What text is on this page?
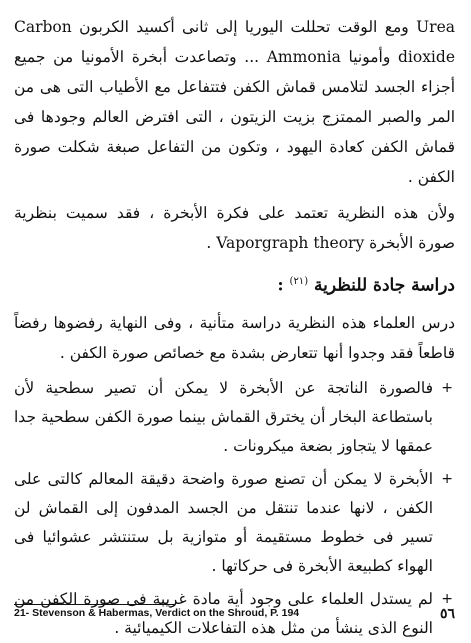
Urea ومع الوقت تحللت اليوريا إلى ثانى أكسيد الكربون Carbon dioxide وأمونيا Ammonia ... وتصاعدت أبخرة الأمونيا من جميع أجزاء الجسد لتلامس قماش الكفن فتتفاعل مع الأطياب التى هى من المر والصبر الممتزج بزيت الزيتون ، التى افترض العالم وجودها فى قماش الكفن كعادة اليهود ، وتكون من التفاعل صبغة شكلت صورة الكفن .

ولأن هذه النظرية تعتمد على فكرة الأبخرة ، فقد سميت بنظرية صورة الأبخرة Vaporgraph theory .

دراسة جادة للنظرية $^{(٢١)}$ :

درس العلماء هذه النظرية دراسة متأنية ، وفى النهاية رفضوها رفضاً قاطعاً فقد وجدوا أنها تتعارض بشدة مع خصائص صورة الكفن .

+
فالصورة الناتجة عن الأبخرة لا يمكن أن تصير سطحية لأن باستطاعة البخار أن يخترق القماش بينما صورة الكفن سطحية جدا عمقها لا يتجاوز بضعة ميكرونات .
+
الأبخرة لا يمكن أن تصنع صورة واضحة دقيقة المعالم كالتى على الكفن ، لانها عندما تنتقل من الجسد المدفون إلى القماش لن تسير فى خطوط مستقيمة أو متوازية بل ستنتشر عشوائيا فى الهواء كطبيعة الأبخرة فى حركاتها .
+
لم يستدل العلماء على وجود أية مادة غريبة فى صورة الكفن من النوع الذى ينشأ من مثل هذه التفاعلات الكيميائية .
21- Stevenson & Habermas, Verdict on the Shroud, P. 194	٥٦
